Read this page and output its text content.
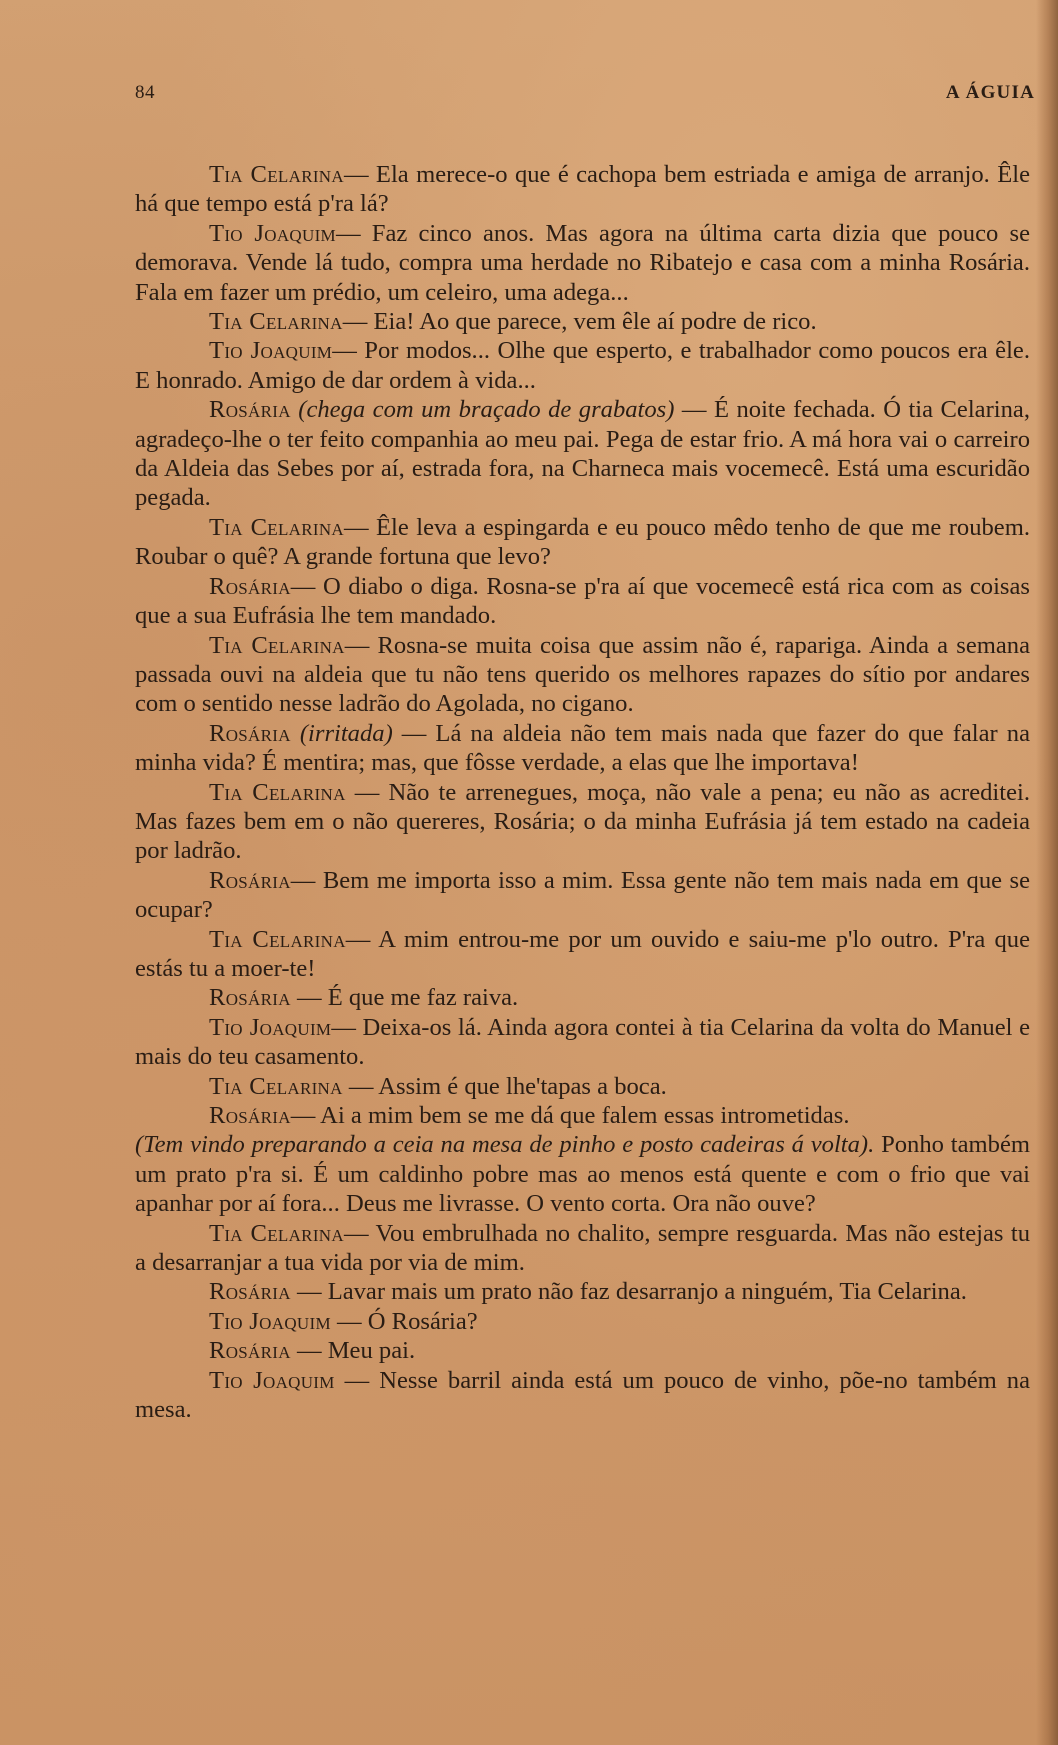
84	A ÁGUIA

Tia Celarina— Ela merece-o que é cachopa bem estriada e amiga de arranjo. Êle há que tempo está p'ra lá?

Tio Joaquim— Faz cinco anos. Mas agora na última carta dizia que pouco se demorava. Vende lá tudo, compra uma herdade no Ribatejo e casa com a minha Rosária. Fala em fazer um prédio, um celeiro, uma adega...

Tia Celarina— Eia! Ao que parece, vem êle aí podre de rico.

Tio Joaquim— Por modos... Olhe que esperto, e trabalhador como poucos era êle. E honrado. Amigo de dar ordem à vida...

Rosária (chega com um braçado de grabatos) — É noite fechada. Ó tia Celarina, agradeço-lhe o ter feito companhia ao meu pai. Pega de estar frio. A má hora vai o carreiro da Aldeia das Sebes por aí, estrada fora, na Charneca mais vocemecê. Está uma escuridão pegada.

Tia Celarina— Êle leva a espingarda e eu pouco mêdo tenho de que me roubem. Roubar o quê? A grande fortuna que levo?

Rosária— O diabo o diga. Rosna-se p'ra aí que vocemecê está rica com as coisas que a sua Eufrásia lhe tem mandado.

Tia Celarina— Rosna-se muita coisa que assim não é, rapariga. Ainda a semana passada ouvi na aldeia que tu não tens querido os melhores rapazes do sítio por andares com o sentido nesse ladrão do Agolada, no cigano.

Rosária (irritada) — Lá na aldeia não tem mais nada que fazer do que falar na minha vida? É mentira; mas, que fôsse verdade, a elas que lhe importava!

Tia Celarina — Não te arrenegues, moça, não vale a pena; eu não as acreditei. Mas fazes bem em o não quereres, Rosária; o da minha Eufrásia já tem estado na cadeia por ladrão.

Rosária— Bem me importa isso a mim. Essa gente não tem mais nada em que se ocupar?

Tia Celarina— A mim entrou-me por um ouvido e saiu-me p'lo outro. P'ra que estás tu a moer-te!

Rosária — É que me faz raiva.

Tio Joaquim— Deixa-os lá. Ainda agora contei à tia Celarina da volta do Manuel e mais do teu casamento.

Tia Celarina — Assim é que lhe'tapas a boca.

Rosária— Ai a mim bem se me dá que falem essas intrometidas.
(Tem vindo preparando a ceia na mesa de pinho e posto cadeiras á volta). Ponho também um prato p'ra si. É um caldinho pobre mas ao menos está quente e com o frio que vai apanhar por aí fora... Deus me livrasse. O vento corta. Ora não ouve?

Tia Celarina— Vou embrulhada no chalito, sempre resguarda. Mas não estejas tu a desarranjar a tua vida por via de mim.

Rosária — Lavar mais um prato não faz desarranjo a ninguém, Tia Celarina.

Tio Joaquim — Ó Rosária?

Rosária — Meu pai.

Tio Joaquim — Nesse barril ainda está um pouco de vinho, põe-no também na mesa.
